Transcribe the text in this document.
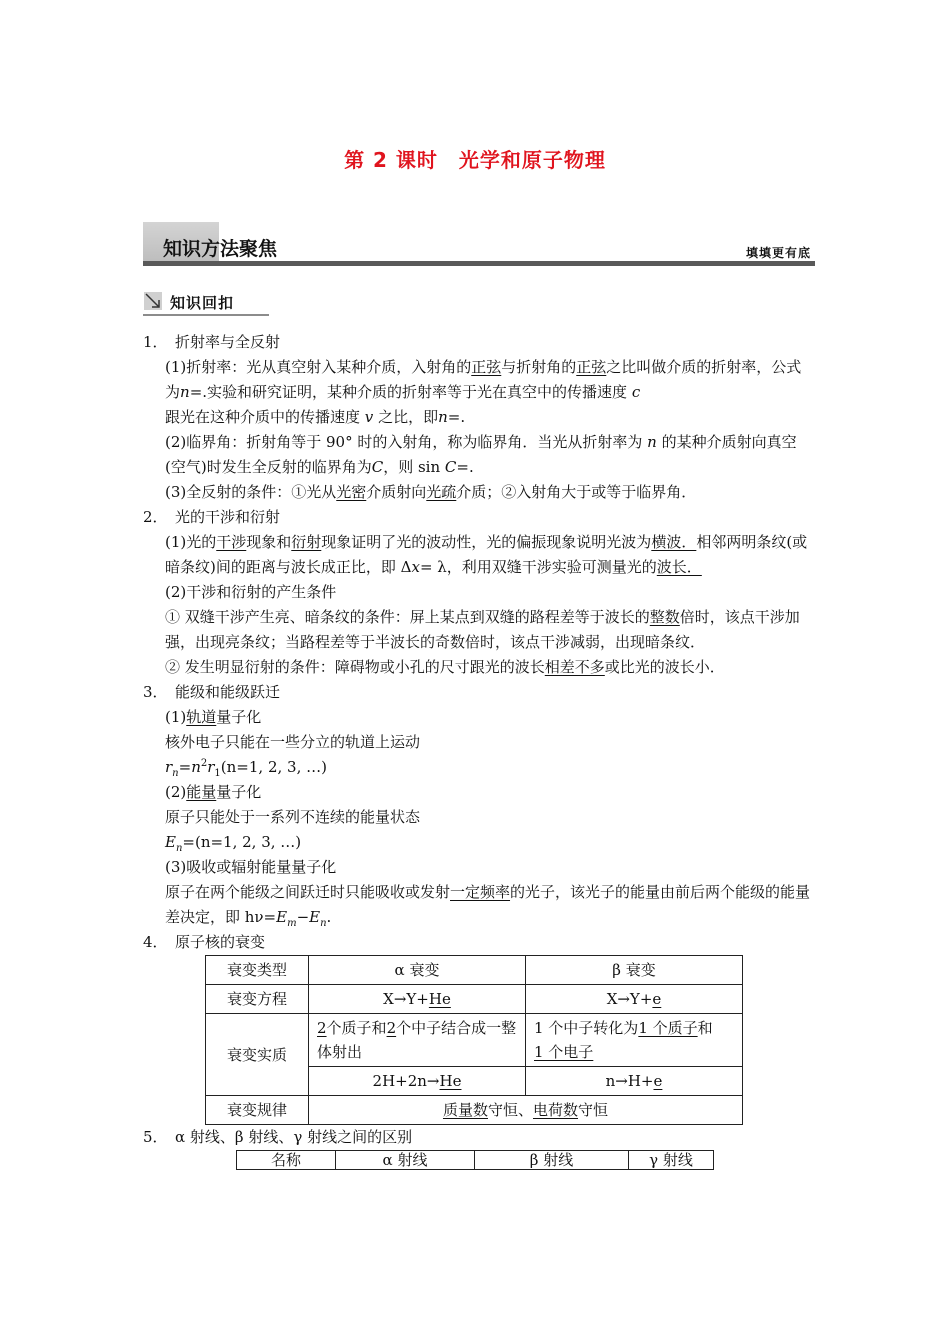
第 2 课时　光学和原子物理
知识方法聚焦	填填更有底
知识回扣
1． 折射率与全反射
(1)折射率：光从真空射入某种介质，入射角的正弦与折射角的正弦之比叫做介质的折射率，公式为n=.实验和研究证明，某种介质的折射率等于光在真空中的传播速度 c
跟光在这种介质中的传播速度 v 之比，即n=.
(2)临界角：折射角等于 90° 时的入射角，称为临界角．当光从折射率为 n 的某种介质射向真空(空气)时发生全反射的临界角为C，则 sin C=.
(3)全反射的条件：①光从光密介质射向光疏介质；②入射角大于或等于临界角．
2． 光的干涉和衍射
(1)光的干涉现象和衍射现象证明了光的波动性，光的偏振现象说明光波为横波．相邻两明条纹(或暗条纹)间的距离与波长成正比，即 Δx= λ，利用双缝干涉实验可测量光的波长．
(2)干涉和衍射的产生条件
① 双缝干涉产生亮、暗条纹的条件：屏上某点到双缝的路程差等于波长的整数倍时，该点干涉加强，出现亮条纹；当路程差等于半波长的奇数倍时，该点干涉减弱，出现暗条纹．
② 发生明显衍射的条件：障碍物或小孔的尺寸跟光的波长相差不多或比光的波长小．
3． 能级和能级跃迁
(1)轨道量子化
核外电子只能在一些分立的轨道上运动
$r_n=n^2r_1(n=1$, 2, 3, …)
(2)能量量子化
原子只能处于一系列不连续的能量状态
$E_n=(n=1$, 2, 3, …)
(3)吸收或辐射能量量子化
原子在两个能级之间跃迁时只能吸收或发射一定频率的光子，该光子的能量由前后两个能级的能量差决定，即 $h\nu=E_m-E_n$.
4． 原子核的衰变
衰变类型	α 衰变	β 衰变
衰变方程	X→Y+He	X→Y+e
衰变实质	2个质子和2个中子结合成一整体射出	1 个中子转化为1 个质子和
1 个电子
	2H+2n→He	n→H+e
衰变规律	质量数守恒、电荷数守恒	
5． α 射线、β 射线、γ 射线之间的区别
名称	α 射线	β 射线	γ 射线
